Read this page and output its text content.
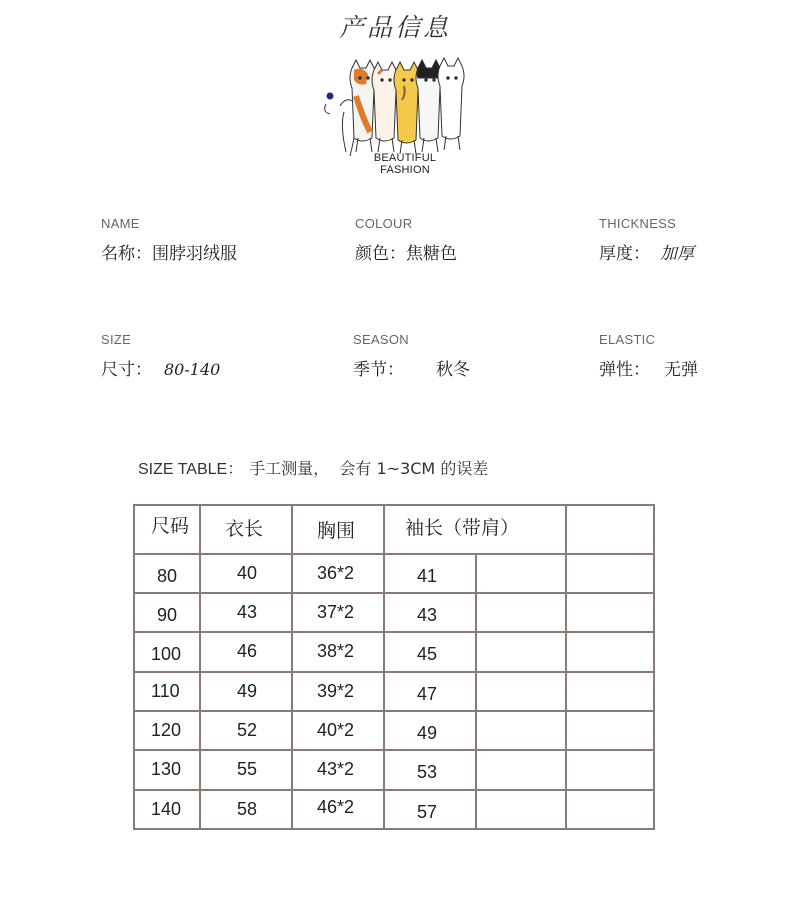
产品信息
BEAUTIFUL FASHION
NAME
名称：围脖羽绒服
COLOUR
颜色：焦糖色
THICKNESS
厚度： 加厚
SIZE
尺寸： 80-140
SEASON
季节： 秋冬
ELASTIC
弹性： 无弹
SIZE TABLE： 手工测量，  会有 1~3CM 的误差
尺码	衣长	胸围	袖长（带肩）		

80	40	36*2	41		

90	43	37*2	43		

100	46	38*2	45		

110	49	39*2	47		

120	52	40*2	49		

130	55	43*2	53		

140	58	46*2	57		
